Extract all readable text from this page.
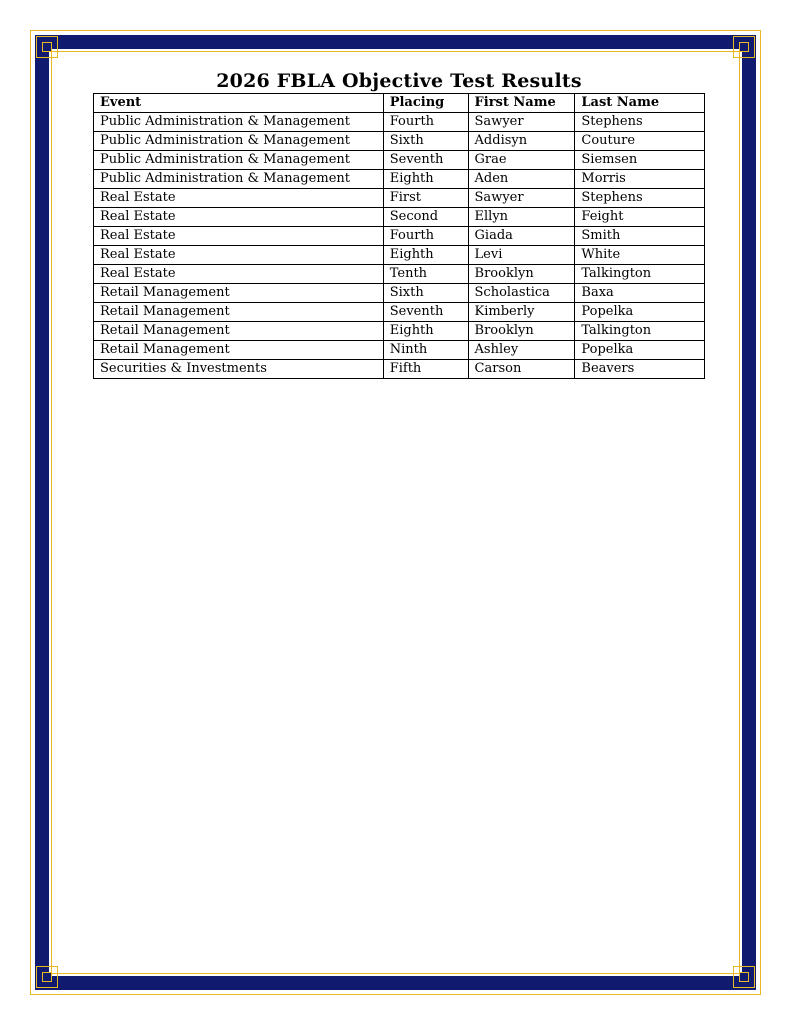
2026 FBLA Objective Test Results
Event	Placing	First Name	Last Name
Public Administration & Management	Fourth	Sawyer	Stephens
Public Administration & Management	Sixth	Addisyn	Couture
Public Administration & Management	Seventh	Grae	Siemsen
Public Administration & Management	Eighth	Aden	Morris
Real Estate	First	Sawyer	Stephens
Real Estate	Second	Ellyn	Feight
Real Estate	Fourth	Giada	Smith
Real Estate	Eighth	Levi	White
Real Estate	Tenth	Brooklyn	Talkington
Retail Management	Sixth	Scholastica	Baxa
Retail Management	Seventh	Kimberly	Popelka
Retail Management	Eighth	Brooklyn	Talkington
Retail Management	Ninth	Ashley	Popelka
Securities & Investments	Fifth	Carson	Beavers
